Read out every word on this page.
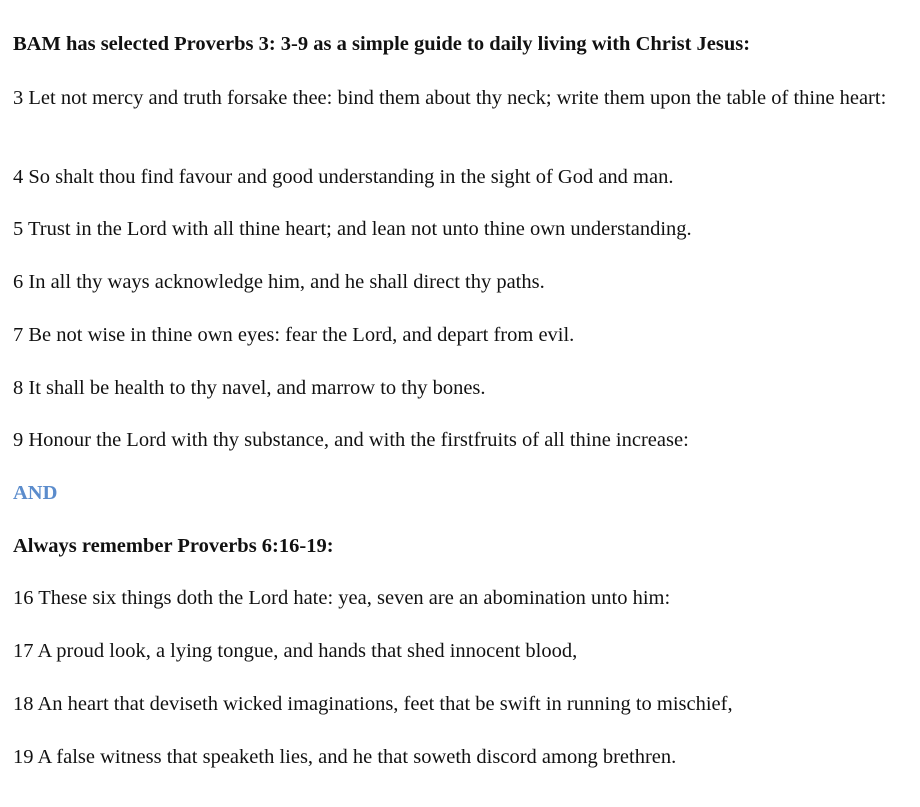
BAM has selected Proverbs 3: 3-9 as a simple guide to daily living with Christ Jesus:

3 Let not mercy and truth forsake thee: bind them about thy neck; write them upon the table of thine heart:

4 So shalt thou find favour and good understanding in the sight of God and man.

5 Trust in the Lord with all thine heart; and lean not unto thine own understanding.

6 In all thy ways acknowledge him, and he shall direct thy paths.

7 Be not wise in thine own eyes: fear the Lord, and depart from evil.

8 It shall be health to thy navel, and marrow to thy bones.

9 Honour the Lord with thy substance, and with the firstfruits of all thine increase:

AND

Always remember Proverbs 6:16-19:

16 These six things doth the Lord hate: yea, seven are an abomination unto him:

17 A proud look, a lying tongue, and hands that shed innocent blood,

18 An heart that deviseth wicked imaginations, feet that be swift in running to mischief,

19 A false witness that speaketh lies, and he that soweth discord among brethren.
